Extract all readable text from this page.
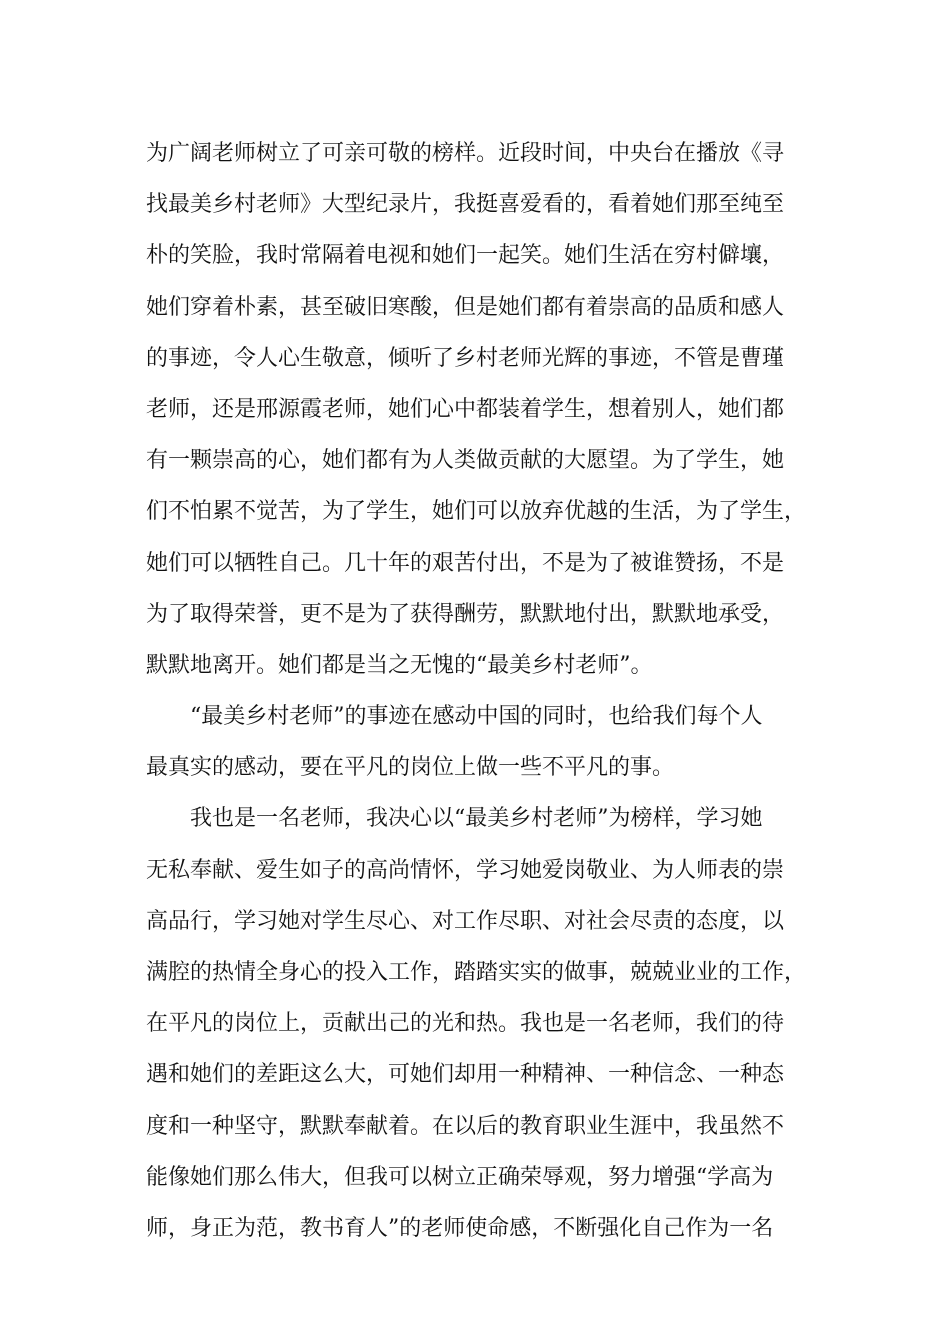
为广阔老师树立了可亲可敬的榜样。近段时间，中央台在播放《寻
找最美乡村老师》大型纪录片，我挺喜爱看的，看着她们那至纯至
朴的笑脸，我时常隔着电视和她们一起笑。她们生活在穷村僻壤，
她们穿着朴素，甚至破旧寒酸，但是她们都有着崇高的品质和感人
的事迹，令人心生敬意，倾听了乡村老师光辉的事迹，不管是曹瑾
老师，还是邢源霞老师，她们心中都装着学生，想着别人，她们都
有一颗崇高的心，她们都有为人类做贡献的大愿望。为了学生，她
们不怕累不觉苦，为了学生，她们可以放弃优越的生活，为了学生，
她们可以牺牲自己。几十年的艰苦付出，不是为了被谁赞扬，不是
为了取得荣誉，更不是为了获得酬劳，默默地付出，默默地承受，
默默地离开。她们都是当之无愧的“最美乡村老师”。
“最美乡村老师”的事迹在感动中国的同时，也给我们每个人
最真实的感动，要在平凡的岗位上做一些不平凡的事。
我也是一名老师，我决心以“最美乡村老师”为榜样，学习她
无私奉献、爱生如子的高尚情怀，学习她爱岗敬业、为人师表的崇
高品行，学习她对学生尽心、对工作尽职、对社会尽责的态度，以
满腔的热情全身心的投入工作，踏踏实实的做事，兢兢业业的工作，
在平凡的岗位上，贡献出己的光和热。我也是一名老师，我们的待
遇和她们的差距这么大，可她们却用一种精神、一种信念、一种态
度和一种坚守，默默奉献着。在以后的教育职业生涯中，我虽然不
能像她们那么伟大，但我可以树立正确荣辱观，努力增强“学高为
师，身正为范，教书育人”的老师使命感，不断强化自己作为一名
